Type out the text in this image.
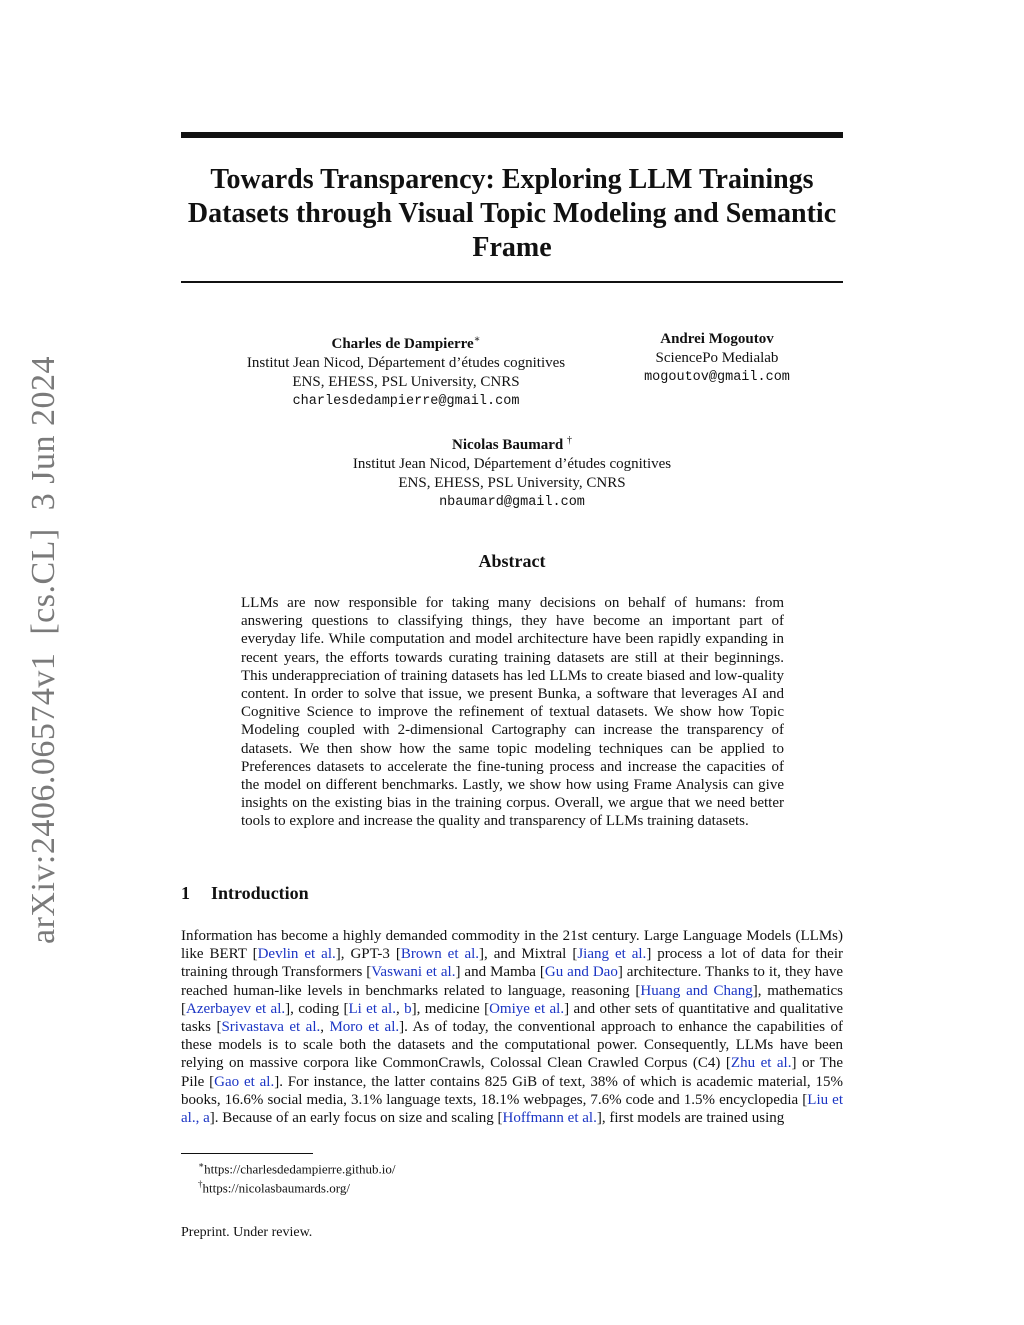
arXiv:2406.06574v1  [cs.CL]  3 Jun 2024
Towards Transparency: Exploring LLM Trainings
Datasets through Visual Topic Modeling and Semantic
Frame
Charles de Dampierre∗
Institut Jean Nicod, Département d’études cognitives
ENS, EHESS, PSL University, CNRS
charlesdedampierre@gmail.com
Andrei Mogoutov
SciencePo Medialab
mogoutov@gmail.com
Nicolas Baumard †
Institut Jean Nicod, Département d’études cognitives
ENS, EHESS, PSL University, CNRS
nbaumard@gmail.com
Abstract

LLMs are now responsible for taking many decisions on behalf of humans: from answering questions to classifying things, they have become an important part of everyday life. While computation and model architecture have been rapidly expanding in recent years, the efforts towards curating training datasets are still at their beginnings. This underappreciation of training datasets has led LLMs to create biased and low-quality content. In order to solve that issue, we present Bunka, a software that leverages AI and Cognitive Science to improve the refinement of textual datasets. We show how Topic Modeling coupled with 2-dimensional Cartography can increase the transparency of datasets. We then show how the same topic modeling techniques can be applied to Preferences datasets to accelerate the fine-tuning process and increase the capacities of the model on different benchmarks. Lastly, we show how using Frame Analysis can give insights on the existing bias in the training corpus. Overall, we argue that we need better tools to explore and increase the quality and transparency of LLMs training datasets.

1 Introduction

Information has become a highly demanded commodity in the 21st century. Large Language Models (LLMs) like BERT [Devlin et al.], GPT-3 [Brown et al.], and Mixtral [Jiang et al.] process a lot of data for their training through Transformers [Vaswani et al.] and Mamba [Gu and Dao] architecture. Thanks to it, they have reached human-like levels in benchmarks related to language, reasoning [Huang and Chang], mathematics [Azerbayev et al.], coding [Li et al., b], medicine [Omiye et al.] and other sets of quantitative and qualitative tasks [Srivastava et al., Moro et al.]. As of today, the conventional approach to enhance the capabilities of these models is to scale both the datasets and the computational power. Consequently, LLMs have been relying on massive corpora like CommonCrawls, Colossal Clean Crawled Corpus (C4) [Zhu et al.] or The Pile [Gao et al.]. For instance, the latter contains 825 GiB of text, 38% of which is academic material, 15% books, 16.6% social media, 3.1% language texts, 18.1% webpages, 7.6% code and 1.5% encyclopedia [Liu et al., a]. Because of an early focus on size and scaling [Hoffmann et al.], first models are trained using

∗https://charlesdedampierre.github.io/
†https://nicolasbaumards.org/
Preprint. Under review.
